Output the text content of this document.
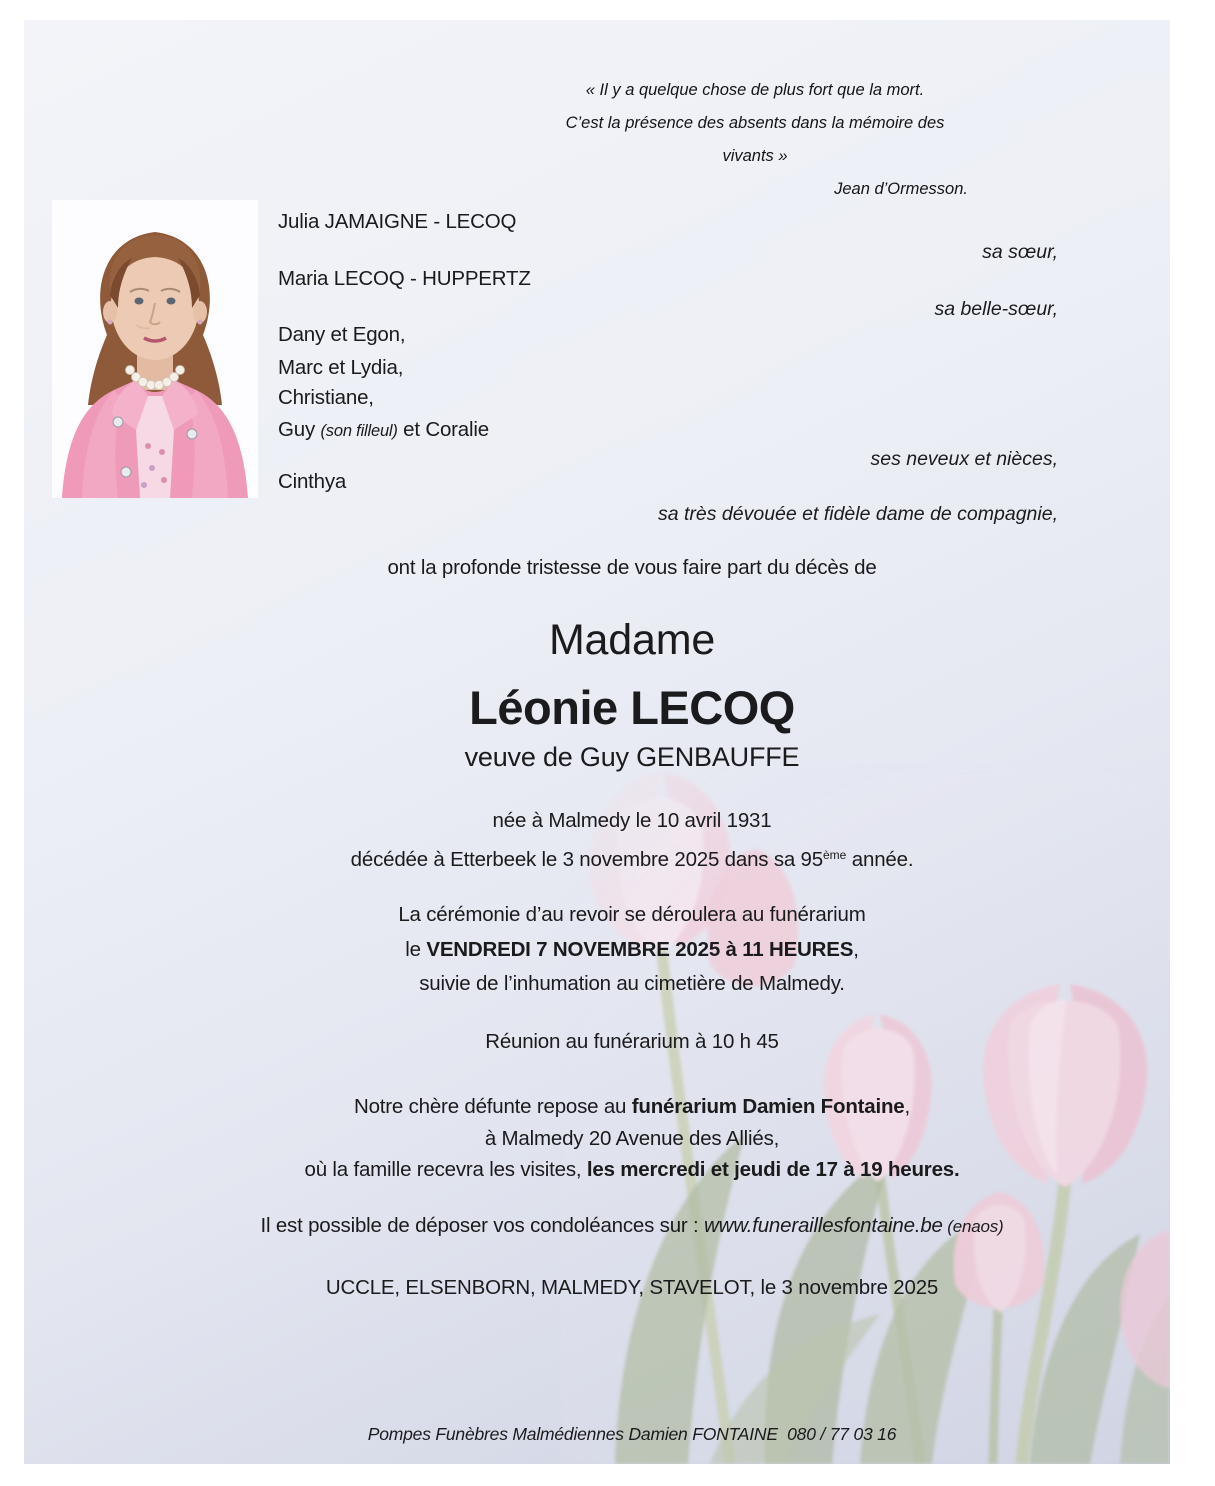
« Il y a quelque chose de plus fort que la mort.
C’est la présence des absents dans la mémoire des vivants »
Jean d’Ormesson.
Julia JAMAIGNE - LECOQ
sa sœur,
Maria LECOQ - HUPPERTZ
sa belle-sœur,
Dany et Egon,
Marc et Lydia,
Christiane,
Guy (son filleul) et Coralie
ses neveux et nièces,
Cinthya
sa très dévouée et fidèle dame de compagnie,
ont la profonde tristesse de vous faire part du décès de
Madame
Léonie LECOQ
veuve de Guy GENBAUFFE
née à Malmedy le 10 avril 1931
décédée à Etterbeek le 3 novembre 2025 dans sa 95ème année.
La cérémonie d’au revoir se déroulera au funérarium
le VENDREDI 7 NOVEMBRE 2025 à 11 HEURES,
suivie de l’inhumation au cimetière de Malmedy.
Réunion au funérarium à 10 h 45
Notre chère défunte repose au funérarium Damien Fontaine,
à Malmedy 20 Avenue des Alliés,
où la famille recevra les visites, les mercredi et jeudi de 17 à 19 heures.
Il est possible de déposer vos condoléances sur : www.funeraillesfontaine.be (enaos)
UCCLE, ELSENBORN, MALMEDY, STAVELOT, le 3 novembre 2025
Pompes Funèbres Malmédiennes Damien FONTAINE  080 / 77 03 16
